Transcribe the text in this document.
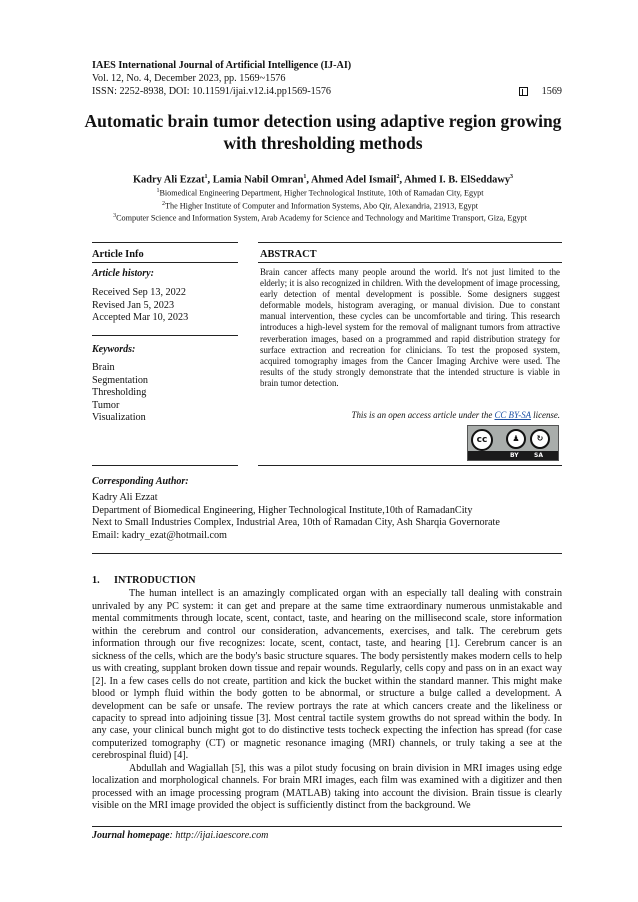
IAES International Journal of Artificial Intelligence (IJ-AI)
Vol. 12, No. 4, December 2023, pp. 1569~1576
ISSN: 2252-8938, DOI: 10.11591/ijai.v12.i4.pp1569-1576	1569
Automatic brain tumor detection using adaptive region growing with thresholding methods
Kadry Ali Ezzat$^1$, Lamia Nabil Omran$^1$, Ahmed Adel Ismail$^2$, Ahmed I. B. ElSeddawy$^3$
$^1$Biomedical Engineering Department, Higher Technological Institute, 10th of Ramadan City, Egypt
$^2$The Higher Institute of Computer and Information Systems, Abo Qir, Alexandria, 21913, Egypt
$^3$Computer Science and Information System, Arab Academy for Science and Technology and Maritime Transport, Giza, Egypt
Article Info
Article history:
Received Sep 13, 2022
Revised Jan 5, 2023
Accepted Mar 10, 2023
Keywords:
Brain
Segmentation
Thresholding
Tumor
Visualization
ABSTRACT
Brain cancer affects many people around the world. It's not just limited to the elderly; it is also recognized in children. With the development of image processing, early detection of mental development is possible. Some designers suggest deformable models, histogram averaging, or manual division. Due to constant manual intervention, these cycles can be uncomfortable and tiring. This research introduces a high-level system for the removal of malignant tumors from attractive reverberation images, based on a programmed and rapid distribution strategy for surface extraction and recreation for clinicians. To test the proposed system, acquired tomography images from the Cancer Imaging Archive were used. The results of the study strongly demonstrate that the intended structure is viable in brain tumor detection.
This is an open access article under the CC BY-SA license.
cc	♟	↻
BY	SA
Corresponding Author:
Kadry Ali Ezzat
Department of Biomedical Engineering, Higher Technological Institute,10th of RamadanCity
Next to Small Industries Complex, Industrial Area, 10th of Ramadan City, Ash Sharqia Governorate
Email: kadry_ezat@hotmail.com
1. INTRODUCTION

The human intellect is an amazingly complicated organ with an especially tall dealing with constrain unrivaled by any PC system: it can get and prepare at the same time extraordinary numerous unmistakable and mental commitments through locate, scent, contact, taste, and hearing on the millisecond scale, store information within the cerebrum and control our consideration, advancements, exercises, and talk. The cerebrum gets information through our five recognizes: locate, scent, contact, taste, and hearing [1]. Cerebrum cancer is an sickness of the cells, which are the body's basic structure squares. The body persistently makes modern cells to help us with creating, supplant broken down tissue and repair wounds. Regularly, cells copy and pass on in an exact way [2]. In a few cases cells do not create, partition and kick the bucket within the standard manner. This might make blood or lymph fluid within the body gotten to be abnormal, or structure a bulge called a development. A development can be safe or unsafe. The review portrays the rate at which cancers create and the likeliness or capacity to spread into adjoining tissue [3]. Most central tactile system growths do not spread within the body. In any case, your clinical bunch might got to do distinctive tests tocheck expecting the infection has spread (for case computerized tomography (CT) or magnetic resonance imaging (MRI) channels, or truly taking a see at the cerebrospinal fluid) [4].

Abdullah and Wagiallah [5], this was a pilot study focusing on brain division in MRI images using edge localization and morphological channels. For brain MRI images, each film was examined with a digitizer and then processed with an image processing program (MATLAB) taking into account the division. Brain tissue is clearly visible on the MRI image provided the object is sufficiently distinct from the background. We

Journal homepage: http://ijai.iaescore.com
